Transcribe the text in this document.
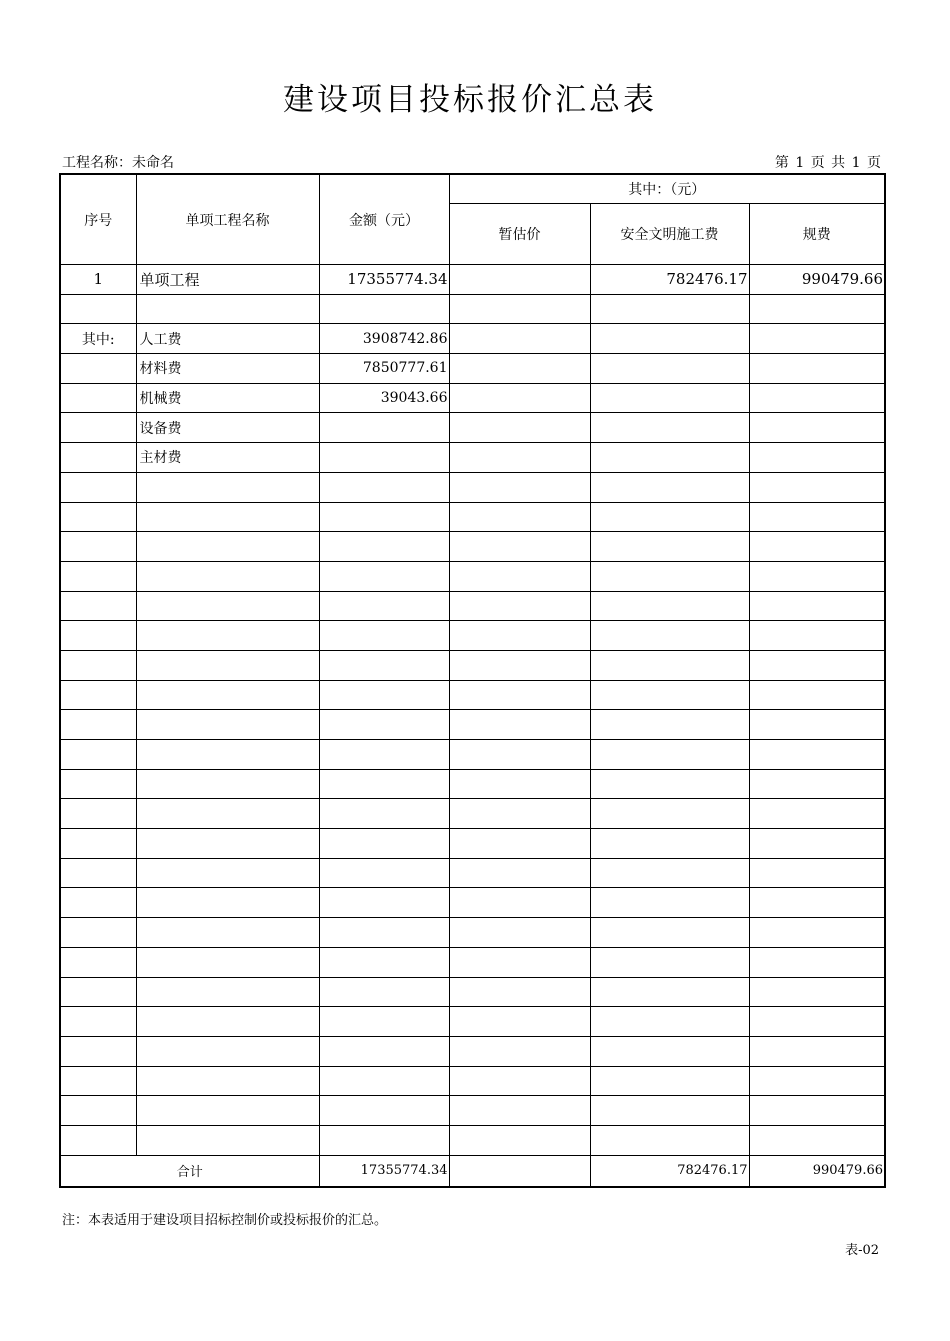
建设项目投标报价汇总表
工程名称：未命名	第 1 页 共 1 页
序号	单项工程名称	金额（元）	其中：（元）		
			暂估价	安全文明施工费	规费
1	单项工程	17355774.34		782476.17	990479.66

其中:	人工费	3908742.86			
	材料费	7850777.61			
	机械费	39043.66			
	设备费				
	主材费				

合计		17355774.34		782476.17	990479.66
注：本表适用于建设项目招标控制价或投标报价的汇总。
表-02
